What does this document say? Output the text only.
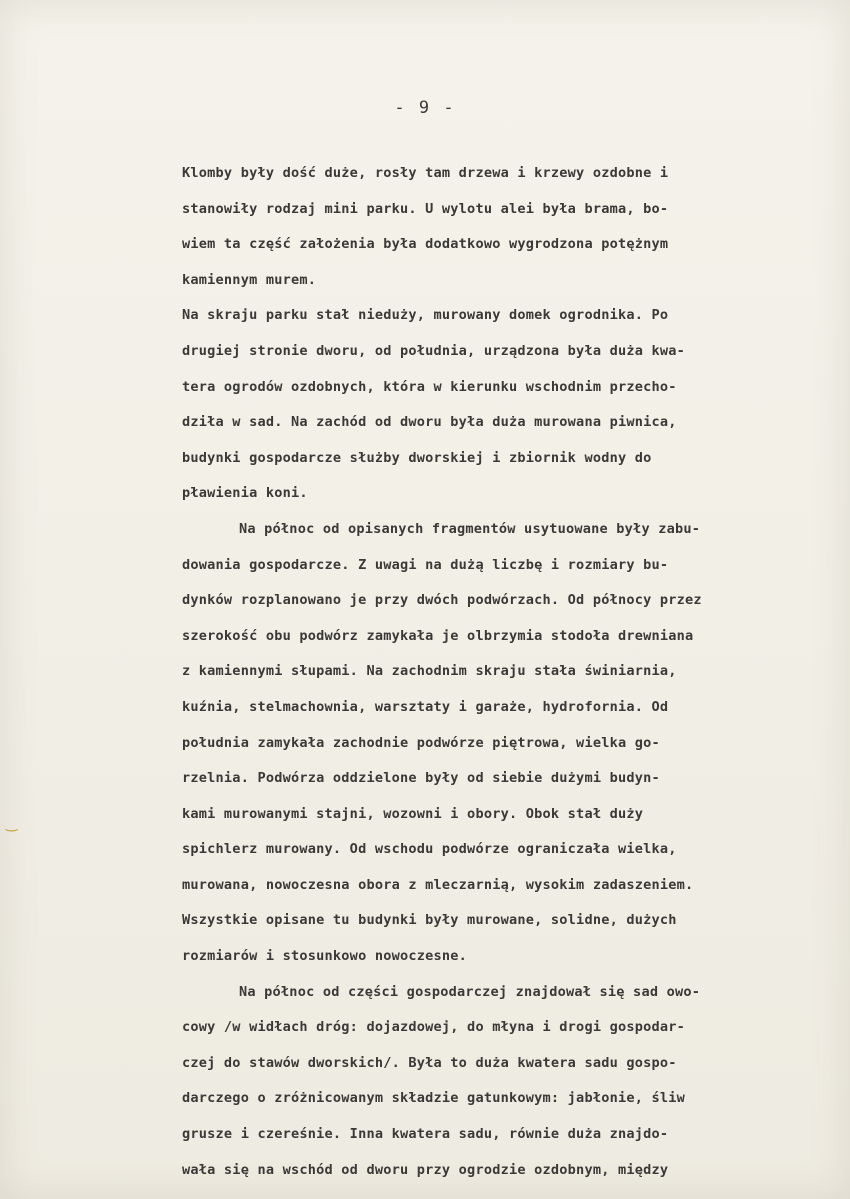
- 9 -

Klomby były dość duże, rosły tam drzewa i krzewy ozdobne i
stanowiły rodzaj mini parku. U wylotu alei była brama, bo-
wiem ta część założenia była dodatkowo wygrodzona potężnym
kamiennym murem.
Na skraju parku stał nieduży, murowany domek ogrodnika. Po
drugiej stronie dworu, od południa, urządzona była duża kwa-
tera ogrodów ozdobnych, która w kierunku wschodnim przecho-
dziła w sad. Na zachód od dworu była duża murowana piwnica,
budynki gospodarcze służby dworskiej i zbiornik wodny do
pławienia koni.
Na północ od opisanych fragmentów usytuowane były zabu-
dowania gospodarcze. Z uwagi na dużą liczbę i rozmiary bu-
dynków rozplanowano je przy dwóch podwórzach. Od północy przez
szerokość obu podwórz zamykała je olbrzymia stodoła drewniana
z kamiennymi słupami. Na zachodnim skraju stała świniarnia,
kuźnia, stelmachownia, warsztaty i garaże, hydrofornia. Od
południa zamykała zachodnie podwórze piętrowa, wielka go-
rzelnia. Podwórza oddzielone były od siebie dużymi budyn-
kami murowanymi stajni, wozowni i obory. Obok stał duży
spichlerz murowany. Od wschodu podwórze ograniczała wielka,
murowana, nowoczesna obora z mleczarnią, wysokim zadaszeniem.
Wszystkie opisane tu budynki były murowane, solidne, dużych
rozmiarów i stosunkowo nowoczesne.
Na północ od części gospodarczej znajdował się sad owo-
cowy /w widłach dróg: dojazdowej, do młyna i drogi gospodar-
czej do stawów dworskich/. Była to duża kwatera sadu gospo-
darczego o zróżnicowanym składzie gatunkowym: jabłonie, śliw
grusze i czereśnie. Inna kwatera sadu, równie duża znajdo-
wała się na wschód od dworu przy ogrodzie ozdobnym, między
‿
